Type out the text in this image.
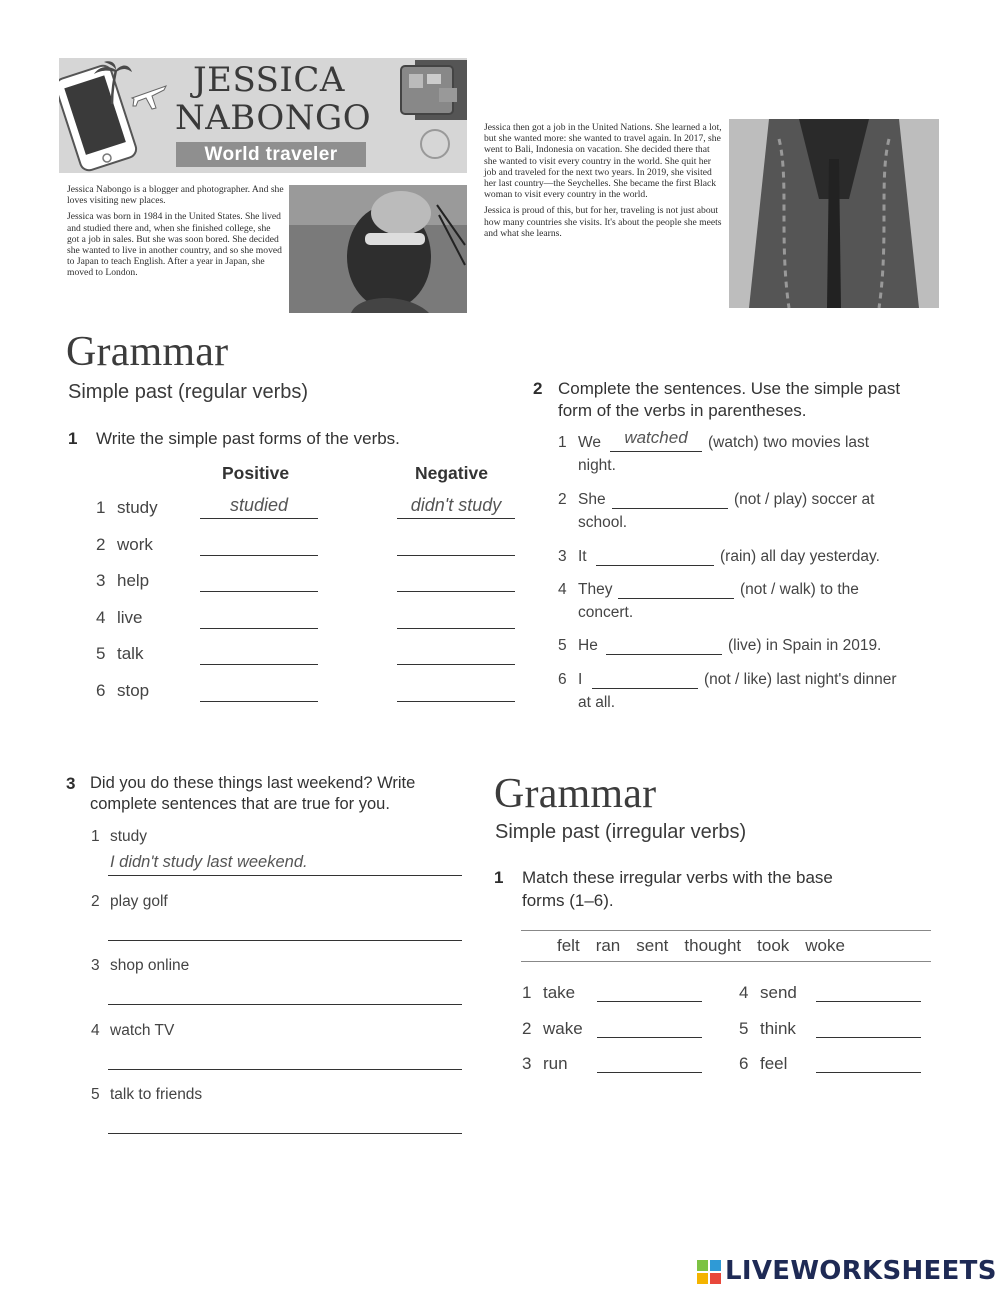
JESSICA
NABONGO
World traveler

Jessica Nabongo is a blogger and photographer. And she loves visiting new places.

Jessica was born in 1984 in the United States. She lived and studied there and, when she finished college, she got a job in sales. But she was soon bored. She decided she wanted to live in another country, and so she moved to Japan to teach English. After a year in Japan, she moved to London.

Jessica then got a job in the United Nations. She learned a lot, but she wanted more: she wanted to travel again. In 2017, she went to Bali, Indonesia on vacation. She decided there that she wanted to visit every country in the world. She quit her job and traveled for the next two years. In 2019, she visited her last country—the Seychelles. She became the first Black woman to visit every country in the world.

Jessica is proud of this, but for her, traveling is not just about how many countries she visits. It's about the people she meets and what she learns.

Grammar
Simple past (regular verbs)
1 Write the simple past forms of the verbs.
Positive	Negative
1 study	studied	didn't study
2 work
3 help
4 live
5 talk
6 stop
2 Complete the sentences. Use the simple past
form of the verbs in parentheses.
1 We	watched	(watch) two movies last
night.
2 She	(not / play) soccer at
school.
3 It	(rain) all day yesterday.
4 They	(not / walk) to the
concert.
5 He	(live) in Spain in 2019.
6 I	(not / like) last night's dinner
at all.
3 Did you do these things last weekend? Write
complete sentences that are true for you.
1 study
I didn't study last weekend.
2 play golf
3 shop online
4 watch TV
5 talk to friends
Grammar
Simple past (irregular verbs)
1 Match these irregular verbs with the base
forms (1–6).
felt ran sent thought took woke
1 take
2 wake
3 run
4 send
5 think
6 feel
LIVEWORKSHEETS
